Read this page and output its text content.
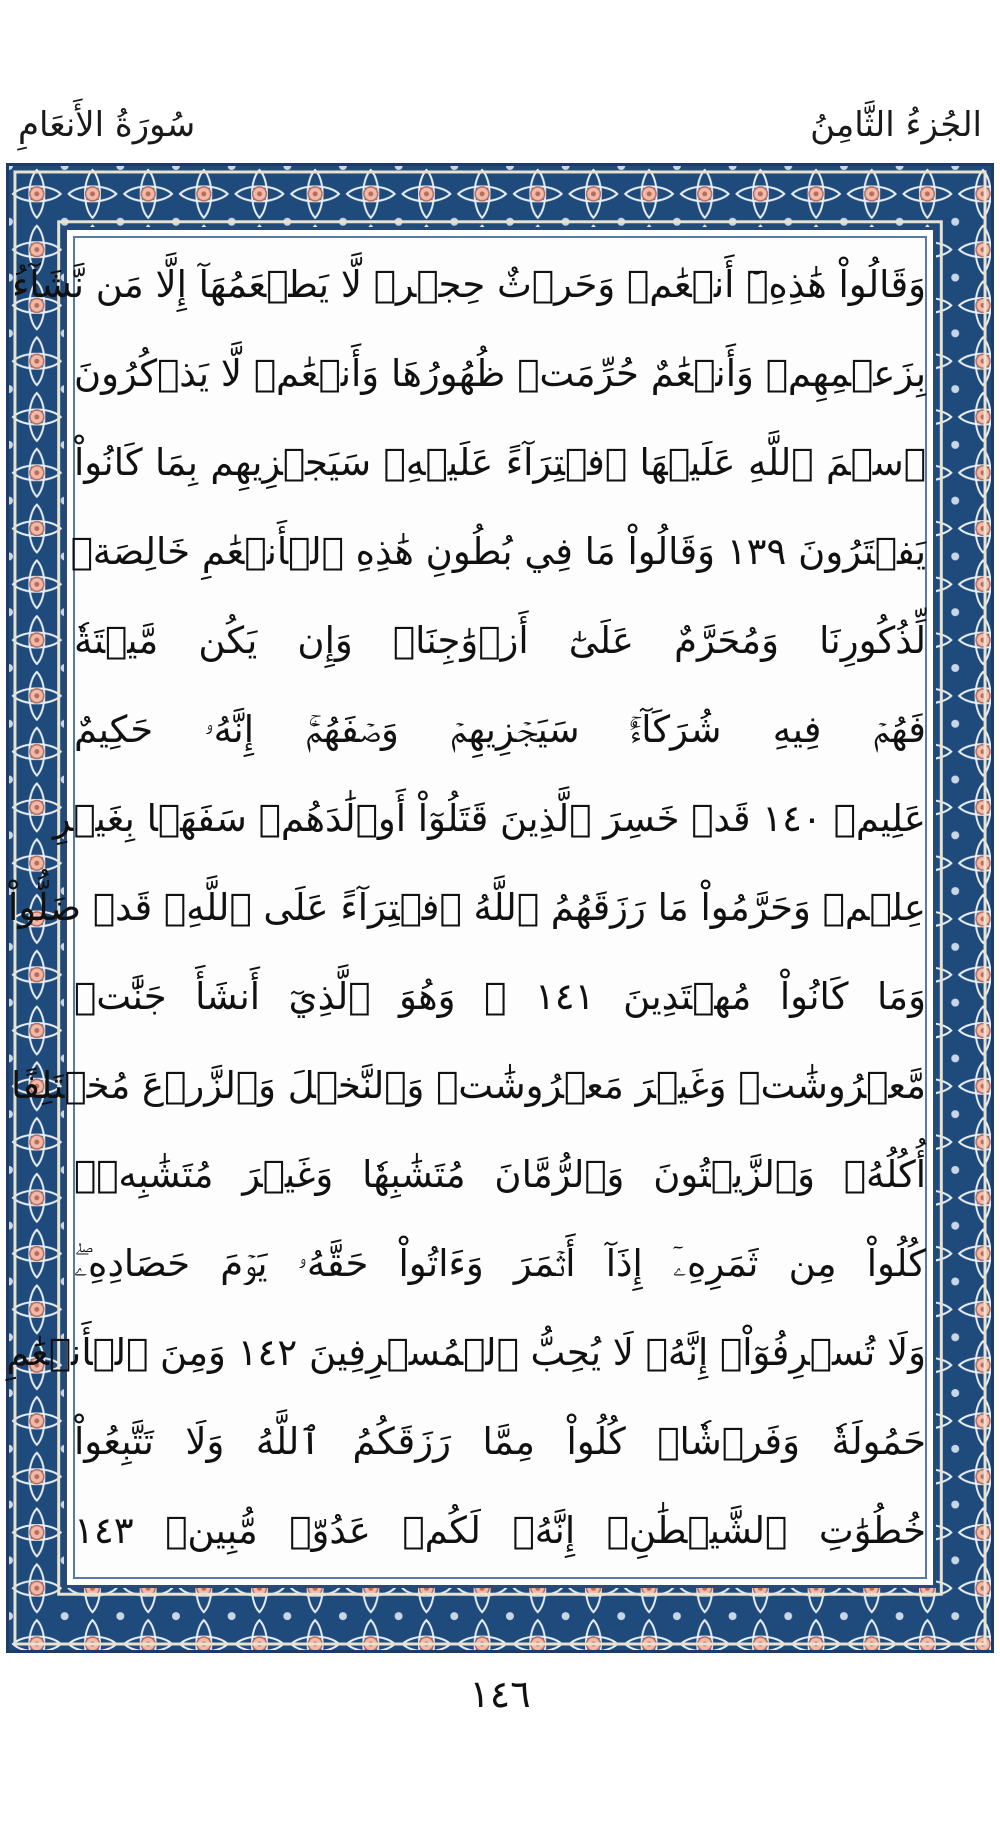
سُورَةُ الأَنعَامِ	الجُزءُ الثَّامِنُ
وَقَالُواْ هَٰذِهِۦٓ أَنۡعَٰمٞ وَحَرۡثٌ حِجۡرٞ لَّا يَطۡعَمُهَآ إِلَّا مَن نَّشَآءُ
بِزَعۡمِهِمۡ وَأَنۡعَٰمٌ حُرِّمَتۡ ظُهُورُهَا وَأَنۡعَٰمٞ لَّا يَذۡكُرُونَ
ٱسۡمَ ٱللَّهِ عَلَيۡهَا ٱفۡتِرَآءً عَلَيۡهِۚ سَيَجۡزِيهِم بِمَا كَانُواْ
يَفۡتَرُونَ ١٣٩ وَقَالُواْ مَا فِي بُطُونِ هَٰذِهِ ٱلۡأَنۡعَٰمِ خَالِصَةٞ
لِّذُكُورِنَا وَمُحَرَّمٌ عَلَىٰٓ أَزۡوَٰجِنَاۖ وَإِن يَكُن مَّيۡتَةٗ
فَهُمۡ فِيهِ شُرَكَآءُۚ سَيَجۡزِيهِمۡ وَصۡفَهُمۡۚ إِنَّهُۥ حَكِيمٌ
عَلِيمٞ ١٤٠ قَدۡ خَسِرَ ٱلَّذِينَ قَتَلُوٓاْ أَوۡلَٰدَهُمۡ سَفَهَۢا بِغَيۡرِ
عِلۡمٖ وَحَرَّمُواْ مَا رَزَقَهُمُ ٱللَّهُ ٱفۡتِرَآءً عَلَى ٱللَّهِۚ قَدۡ ضَلُّواْ
وَمَا كَانُواْ مُهۡتَدِينَ ١٤١ ۞ وَهُوَ ٱلَّذِيٓ أَنشَأَ جَنَّٰتٖ
مَّعۡرُوشَٰتٖ وَغَيۡرَ مَعۡرُوشَٰتٖ وَٱلنَّخۡلَ وَٱلزَّرۡعَ مُخۡتَلِفًا
أُكُلُهُۥ وَٱلزَّيۡتُونَ وَٱلرُّمَّانَ مُتَشَٰبِهٗا وَغَيۡرَ مُتَشَٰبِهٖۚ
كُلُواْ مِن ثَمَرِهِۦٓ إِذَآ أَثۡمَرَ وَءَاتُواْ حَقَّهُۥ يَوۡمَ حَصَادِهِۦۖ
وَلَا تُسۡرِفُوٓاْۚ إِنَّهُۥ لَا يُحِبُّ ٱلۡمُسۡرِفِينَ ١٤٢ وَمِنَ ٱلۡأَنۡعَٰمِ
حَمُولَةٗ وَفَرۡشٗاۚ كُلُواْ مِمَّا رَزَقَكُمُ ٱللَّهُ وَلَا تَتَّبِعُواْ
خُطُوَٰتِ ٱلشَّيۡطَٰنِۚ إِنَّهُۥ لَكُمۡ عَدُوّٞ مُّبِينٞ ١٤٣
١٤٦
